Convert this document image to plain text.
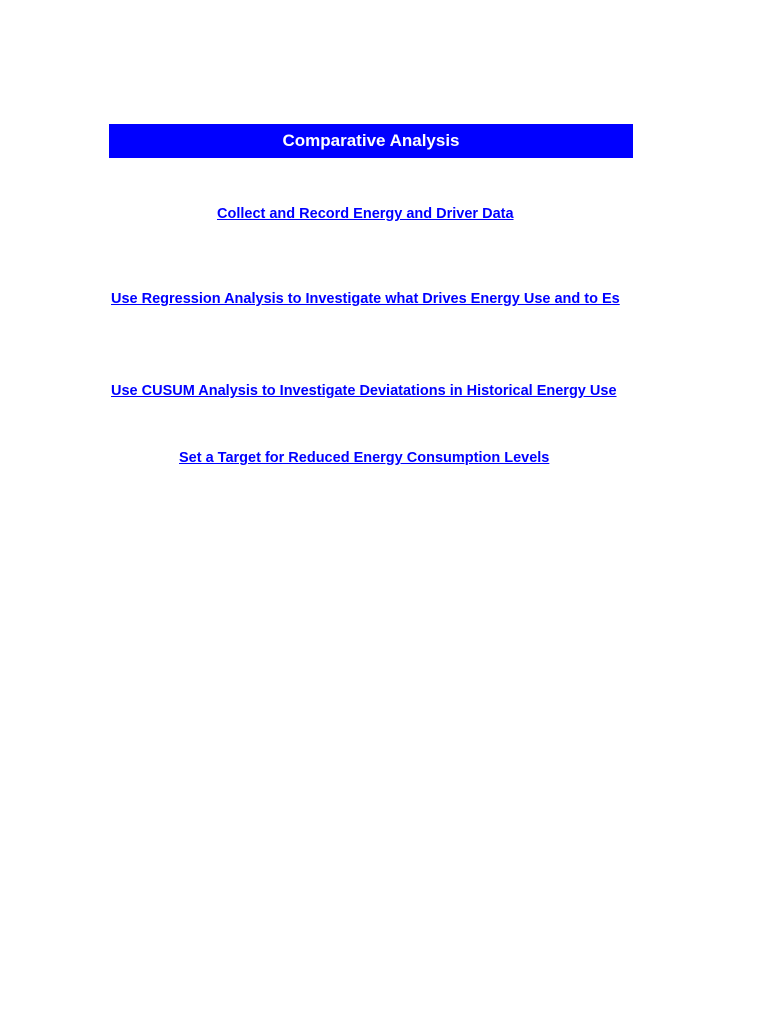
Comparative Analysis
Collect and Record Energy and Driver Data
Use Regression Analysis to Investigate what Drives Energy Use and to Es
Use CUSUM Analysis to Investigate Deviatations in Historical Energy Use
Set a Target for Reduced Energy Consumption Levels
